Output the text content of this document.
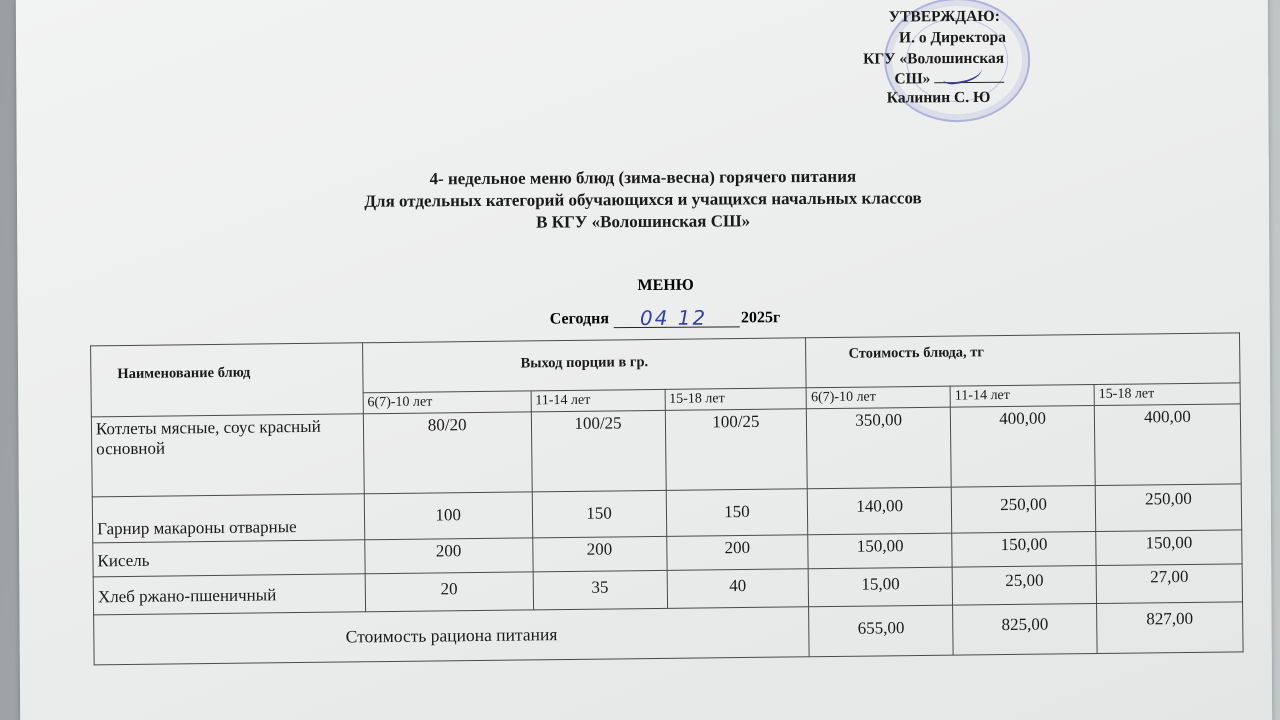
УТВЕРЖДАЮ:
И. о Директора
КГУ «Волошинская
СШ»
Калинин С. Ю
4- недельное меню блюд (зима-весна) горячего питания
Для отдельных категорий обучающихся и учащихся начальных классов
В КГУ «Волошинская СШ»
МЕНЮ
Сегодня 04 12 2025г
Наименование блюд	Выход порции в гр.			Стоимость блюда, тг		
	6(7)-10 лет	11-14 лет	15-18 лет	6(7)-10 лет	11-14 лет	15-18 лет
Котлеты мясные, соус красный основной	80/20	100/25	100/25	350,00	400,00	400,00
Гарнир макароны отварные	100	150	150	140,00	250,00	250,00
Кисель	200	200	200	150,00	150,00	150,00
Хлеб ржано-пшеничный	20	35	40	15,00	25,00	27,00
Стоимость рациона питания				655,00	825,00	827,00
